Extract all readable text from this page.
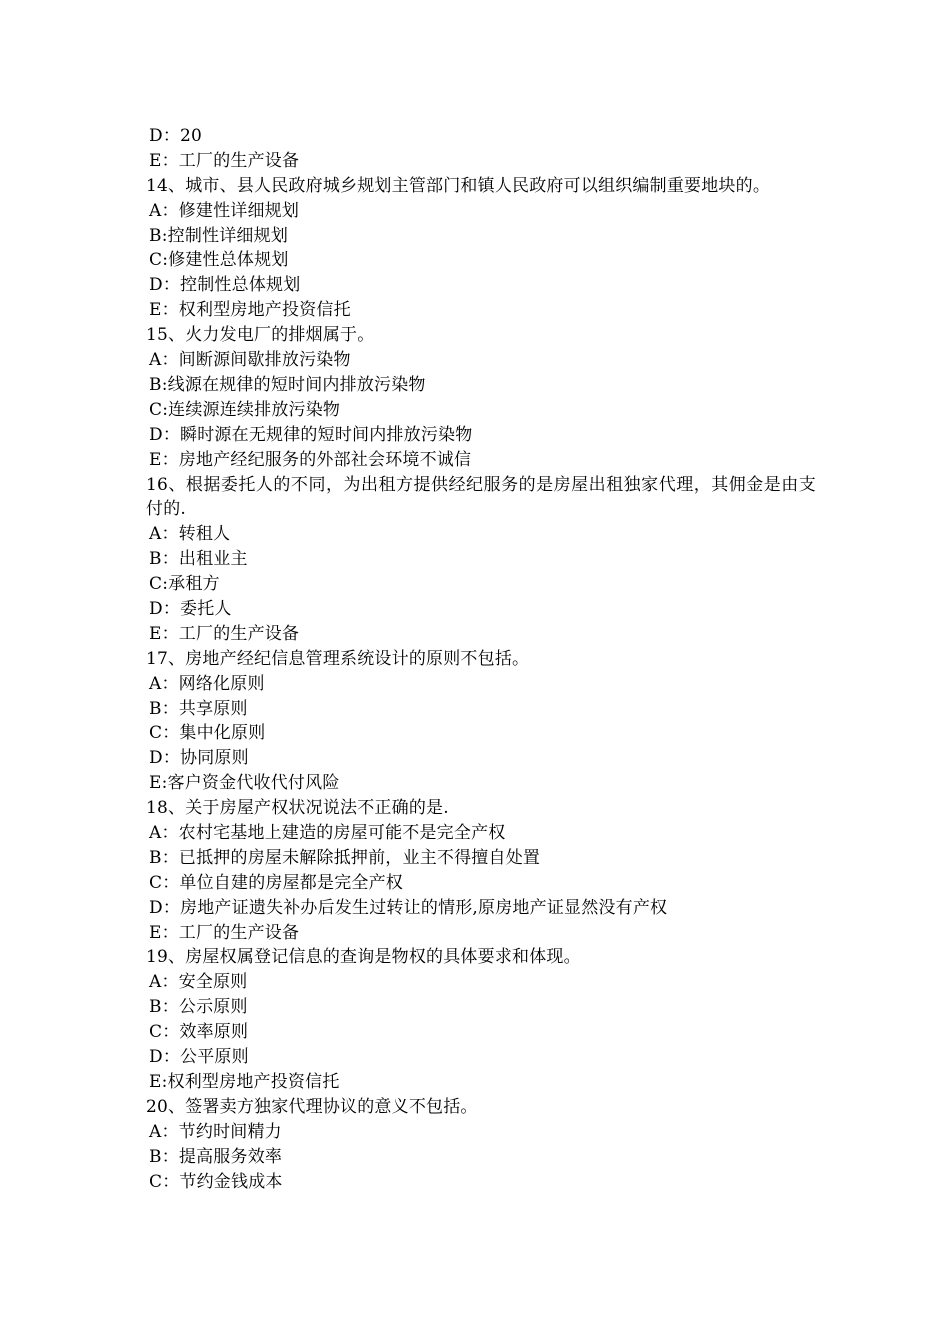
D：20
E：工厂的生产设备
14、城市、县人民政府城乡规划主管部门和镇人民政府可以组织编制重要地块的。
A：修建性详细规划
B:控制性详细规划
C:修建性总体规划
D：控制性总体规划
E：权利型房地产投资信托
15、火力发电厂的排烟属于。
A：间断源间歇排放污染物
B:线源在规律的短时间内排放污染物
C:连续源连续排放污染物
D：瞬时源在无规律的短时间内排放污染物
E：房地产经纪服务的外部社会环境不诚信
16、根据委托人的不同，为出租方提供经纪服务的是房屋出租独家代理，其佣金是由支付的.
A：转租人
B：出租业主
C:承租方
D：委托人
E：工厂的生产设备
17、房地产经纪信息管理系统设计的原则不包括。
A：网络化原则
B：共享原则
C：集中化原则
D：协同原则
E:客户资金代收代付风险
18、关于房屋产权状况说法不正确的是.
A：农村宅基地上建造的房屋可能不是完全产权
B：已抵押的房屋未解除抵押前，业主不得擅自处置
C：单位自建的房屋都是完全产权
D：房地产证遗失补办后发生过转让的情形,原房地产证显然没有产权
E：工厂的生产设备
19、房屋权属登记信息的查询是物权的具体要求和体现。
A：安全原则
B：公示原则
C：效率原则
D：公平原则
E:权利型房地产投资信托
20、签署卖方独家代理协议的意义不包括。
A：节约时间精力
B：提高服务效率
C：节约金钱成本
